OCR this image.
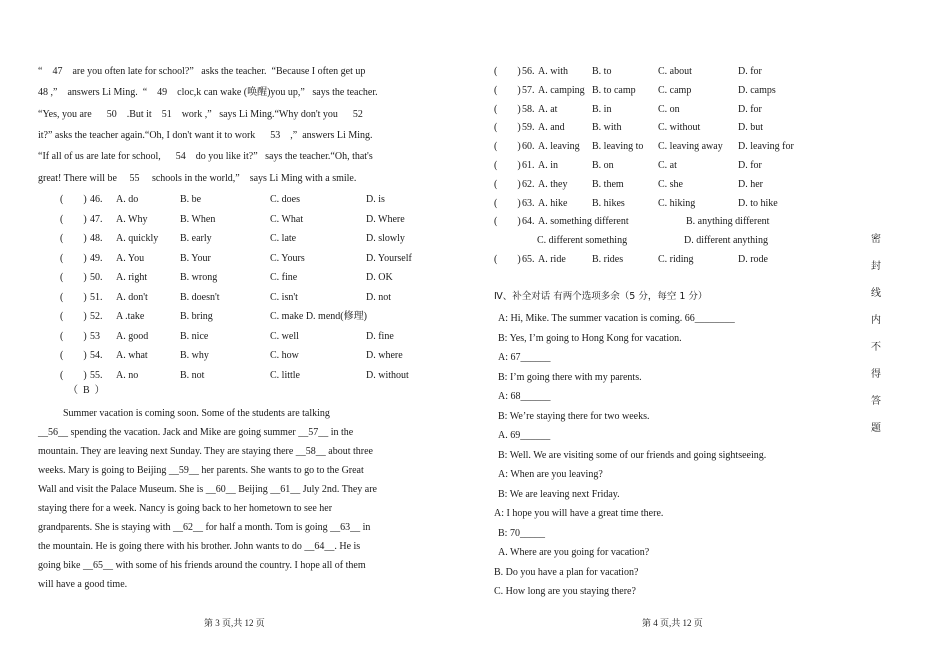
“    47    are you often late for school?”   asks the teacher.  “Because I often get up
48 ,”    answers Li Ming.  “    49    cloc,k can wake (唤醒)you up,”   says the teacher.
“Yes, you are      50    .But it    51    work ,”   says Li Ming.“Why don't you      52
it?” asks the teacher again.“Oh, I don't want it to work      53    ,”  answers Li Ming.
“If all of us are late for school,      54    do you like it?”   says the teacher.“Oh, that's
great! There will be     55     schools in the world,”    says Li Ming with a smile.
(        ) 46. A. do	B. be	C. does	D. is
(        ) 47. A. Why	B. When	C. What	D. Where
(        ) 48. A. quickly B. early	C. late	D. slowly
(        ) 49. A. You	B. Your	C. Yours	D. Yourself
(        ) 50. A. right	B. wrong	C. fine	D. OK
(        ) 51. A. don't	B. doesn't	C. isn't	D. not
(        ) 52. A .take	B. bring	C. make D. mend(修理)
(        ) 53 A. good	B. nice	C. well	D. fine
(        ) 54. A. what	B. why	C. how	D. where
(        ) 55. A. no	B. not	C. little	D. without
（  B  ）
Summer vacation is coming soon. Some of the students are talking
__56__ spending the vacation. Jack and Mike are going summer __57__ in the
mountain. They are leaving next Sunday. They are staying there __58__ about three
weeks. Mary is going to Beijing __59__ her parents. She wants to go to the Great
Wall and visit the Palace Museum. She is __60__ Beijing __61__ July 2nd. They are
staying there for a week. Nancy is going back to her hometown to see her
grandparents. She is staying with __62__ for half a month. Tom is going __63__ in
the mountain. He is going there with his brother. John wants to do __64__. He is
going bike __65__ with some of his friends around the country. I hope all of them
will have a good time.
第 3 页,共 12 页
(        ) 56. A. with B. to	C. about	D. for
(        ) 57. A. camping B. to camp C. camp	D. camps
(        ) 58. A. at	B. in	C. on	D. for
(        ) 59. A. and	B. with	C. without	D. but
(        ) 60. A. leaving B. leaving to C. leaving away D. leaving for
(        ) 61. A. in	B. on	C. at	D. for
(        ) 62. A. they B. them	C. she	D. her
(        ) 63. A. hike B. hikes	C. hiking	D. to hike
(        ) 64. A. something different	B. anything different
C. different something	D. different anything
(        ) 65. A. ride	B. rides	C. riding	D. rode
Ⅳ、补全对话 有两个选项多余（5 分，每空 1 分）
A: Hi, Mike. The summer vacation is coming. 66________
B: Yes, I’m going to Hong Kong for vacation.
A: 67______
B: I’m going there with my parents.
A: 68______
B: We’re staying there for two weeks.
A. 69______
B: Well. We are visiting some of our friends and going sightseeing.
A: When are you leaving?
B: We are leaving next Friday.
A: I hope you will have a great time there.
B: 70_____
A. Where are you going for vacation?
B. Do you have a plan for vacation?
C. How long are you staying there?
第 4 页,共 12 页
密
封
线
内
不
得
答
题
